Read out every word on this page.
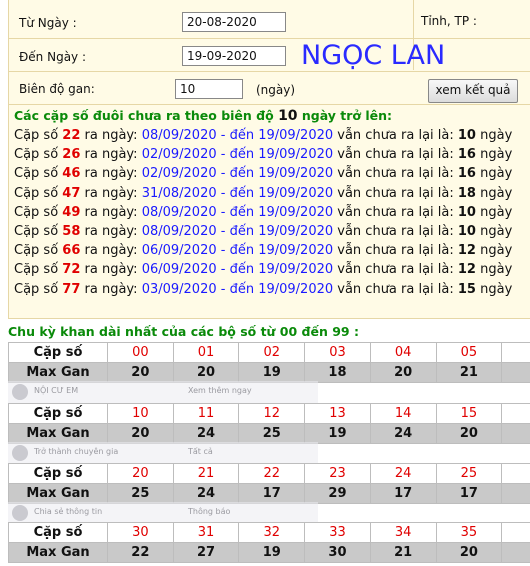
Từ Ngày :	20-08-2020	Tỉnh, TP :
Đến Ngày :	19-09-2020	NGỌC LAN
Biên độ gan:	10	(ngày)	xem kết quả
Các cặp số đuôi chưa ra theo biên độ 10 ngày trở lên:
Cặp số 22 ra ngày: 08/09/2020 - đến 19/09/2020 vẫn chưa ra lại là: 10 ngày
Cặp số 26 ra ngày: 02/09/2020 - đến 19/09/2020 vẫn chưa ra lại là: 16 ngày
Cặp số 46 ra ngày: 02/09/2020 - đến 19/09/2020 vẫn chưa ra lại là: 16 ngày
Cặp số 47 ra ngày: 31/08/2020 - đến 19/09/2020 vẫn chưa ra lại là: 18 ngày
Cặp số 49 ra ngày: 08/09/2020 - đến 19/09/2020 vẫn chưa ra lại là: 10 ngày
Cặp số 58 ra ngày: 08/09/2020 - đến 19/09/2020 vẫn chưa ra lại là: 10 ngày
Cặp số 66 ra ngày: 06/09/2020 - đến 19/09/2020 vẫn chưa ra lại là: 12 ngày
Cặp số 72 ra ngày: 06/09/2020 - đến 19/09/2020 vẫn chưa ra lại là: 12 ngày
Cặp số 77 ra ngày: 03/09/2020 - đến 19/09/2020 vẫn chưa ra lại là: 15 ngày
Chu kỳ khan dài nhất của các bộ số từ 00 đến 99 :
Cặp số	00	01	02	03	04	05	
Max Gan	20	20	19	18	20	21	
Cặp số	10	11	12	13	14	15	
Max Gan	20	24	25	19	24	20	
Cặp số	20	21	22	23	24	25	
Max Gan	25	24	17	29	17	17	
Cặp số	30	31	32	33	34	35	
Max Gan	22	27	19	30	21	20	
NỘI CƯ EM	Xem thêm ngay
Trở thành chuyên gia	Tất cả
Chia sẻ thông tin	Thông báo
